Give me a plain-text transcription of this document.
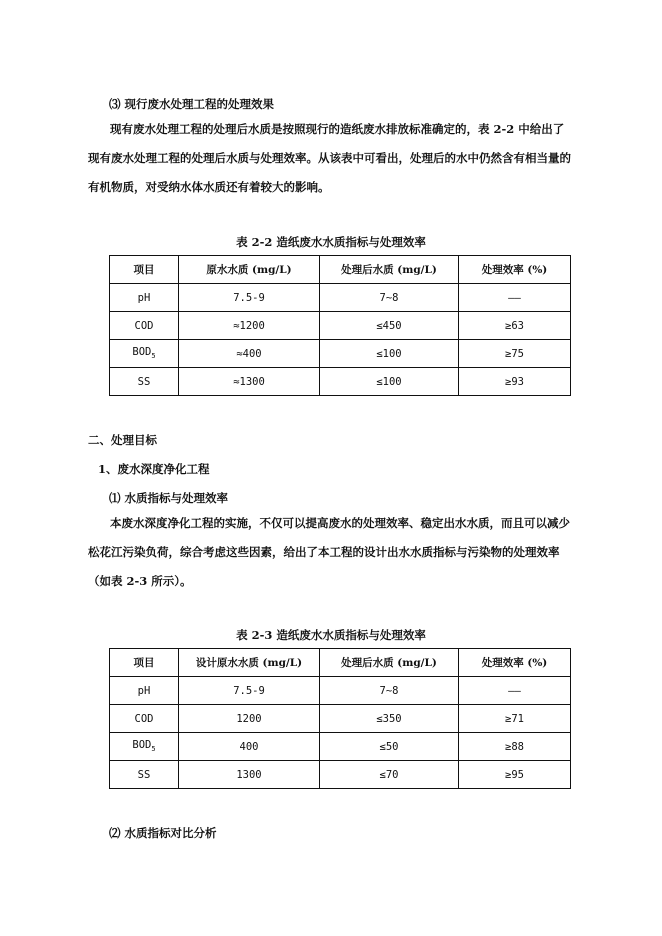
⑶ 现行废水处理工程的处理效果
现有废水处理工程的处理后水质是按照现行的造纸废水排放标准确定的，表 2-2 中给出了现有废水处理工程的处理后水质与处理效率。从该表中可看出，处理后的水中仍然含有相当量的有机物质，对受纳水体水质还有着较大的影响。
表 2-2 造纸废水水质指标与处理效率
项目	原水水质 (mg/L)	处理后水质 (mg/L)	处理效率 (%)
pH	7.5-9	7~8	——
COD	≈1200	≤450	≥63
$BOD_5$	≈400	≤100	≥75
SS	≈1300	≤100	≥93
二、处理目标
1、废水深度净化工程
⑴ 水质指标与处理效率
本废水深度净化工程的实施，不仅可以提高废水的处理效率、稳定出水水质，而且可以减少松花江污染负荷，综合考虑这些因素，给出了本工程的设计出水水质指标与污染物的处理效率（如表 2-3 所示）。
表 2-3 造纸废水水质指标与处理效率
项目	设计原水水质 (mg/L)	处理后水质 (mg/L)	处理效率 (%)
pH	7.5-9	7~8	——
COD	1200	≤350	≥71
$BOD_5$	400	≤50	≥88
SS	1300	≤70	≥95
⑵ 水质指标对比分析
